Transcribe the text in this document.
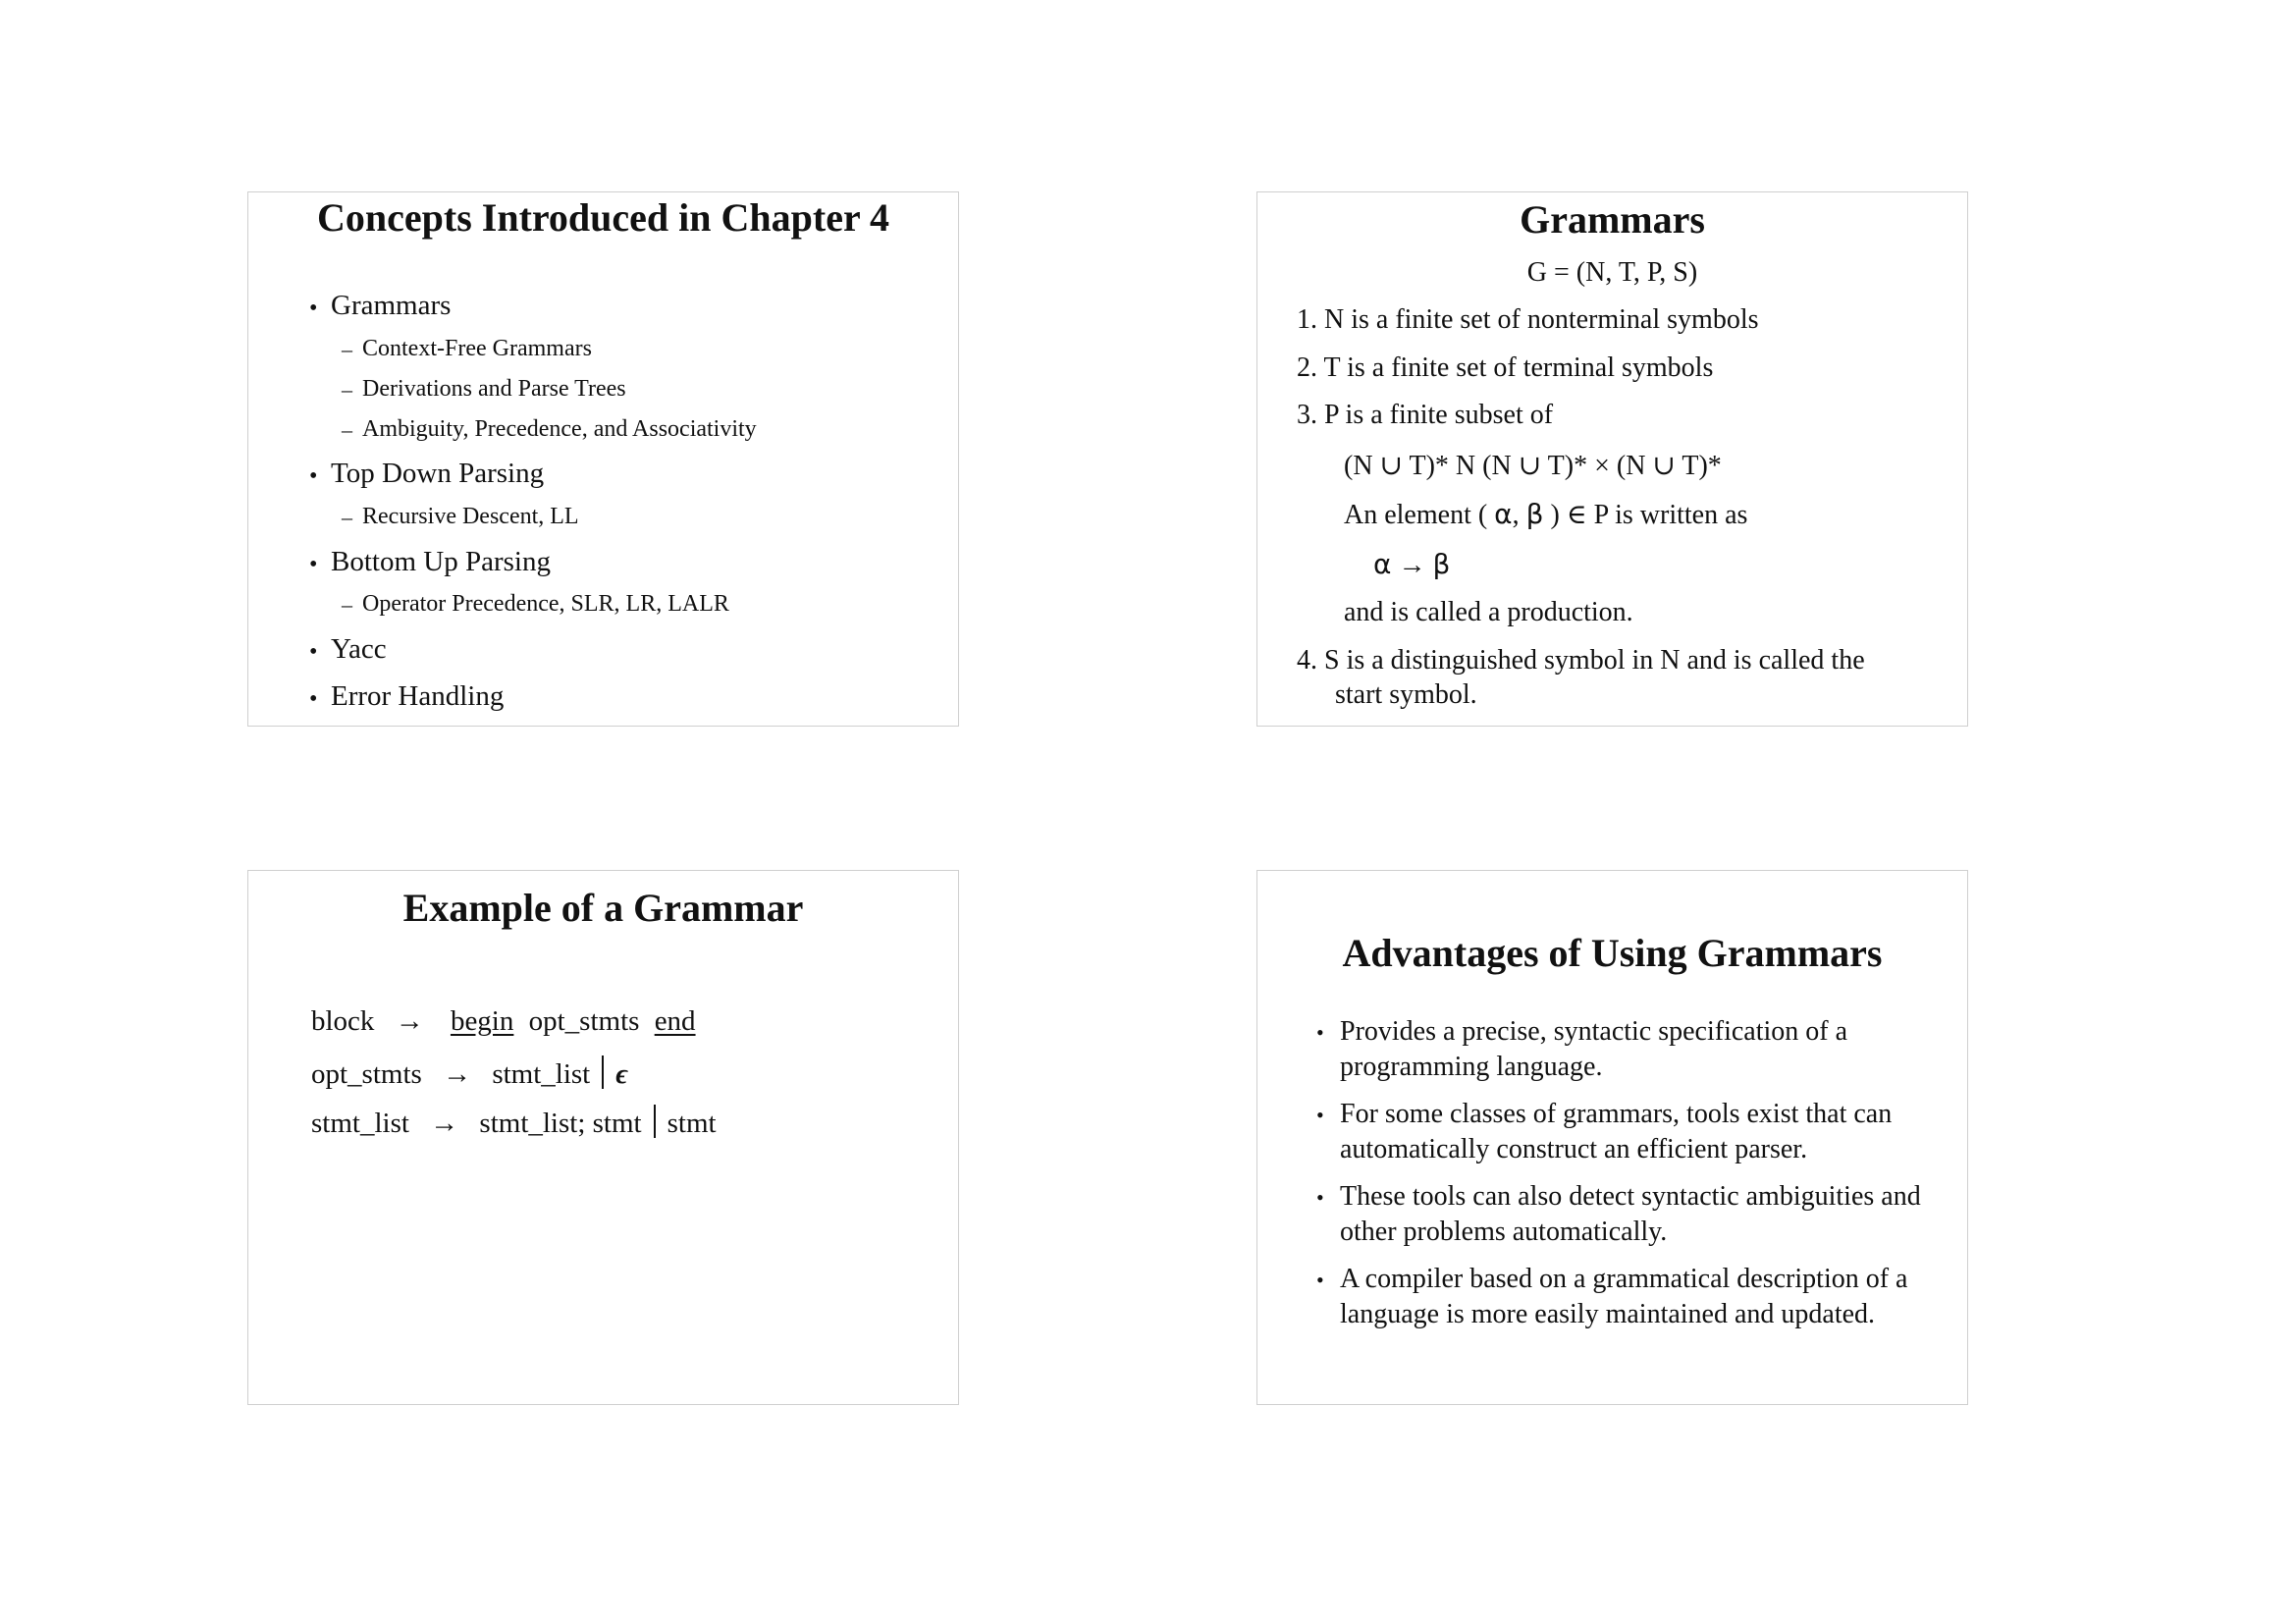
Concepts Introduced in Chapter 4
• Grammars
– Context-Free Grammars
– Derivations and Parse Trees
– Ambiguity, Precedence, and Associativity
• Top Down Parsing
– Recursive Descent, LL
• Bottom Up Parsing
– Operator Precedence, SLR, LR, LALR
• Yacc
• Error Handling
Grammars
G = (N, T, P, S)
1. N is a finite set of nonterminal symbols
2. T is a finite set of terminal symbols
3. P is a finite subset of
(N ∪ T)* N (N ∪ T)* × (N ∪ T)*
An element ( α, β ) ∈ P is written as
α → β
and is called a production.
4. S is a distinguished symbol in N and is called the
start symbol.
Example of a Grammar
block → begin opt_stmts end
opt_stmts → stmt_list ϵ
stmt_list → stmt_list; stmt stmt
Advantages of Using Grammars
• Provides a precise, syntactic specification of a programming language.
• For some classes of grammars, tools exist that can automatically construct an efficient parser.
• These tools can also detect syntactic ambiguities and other problems automatically.
• A compiler based on a grammatical description of a language is more easily maintained and updated.
